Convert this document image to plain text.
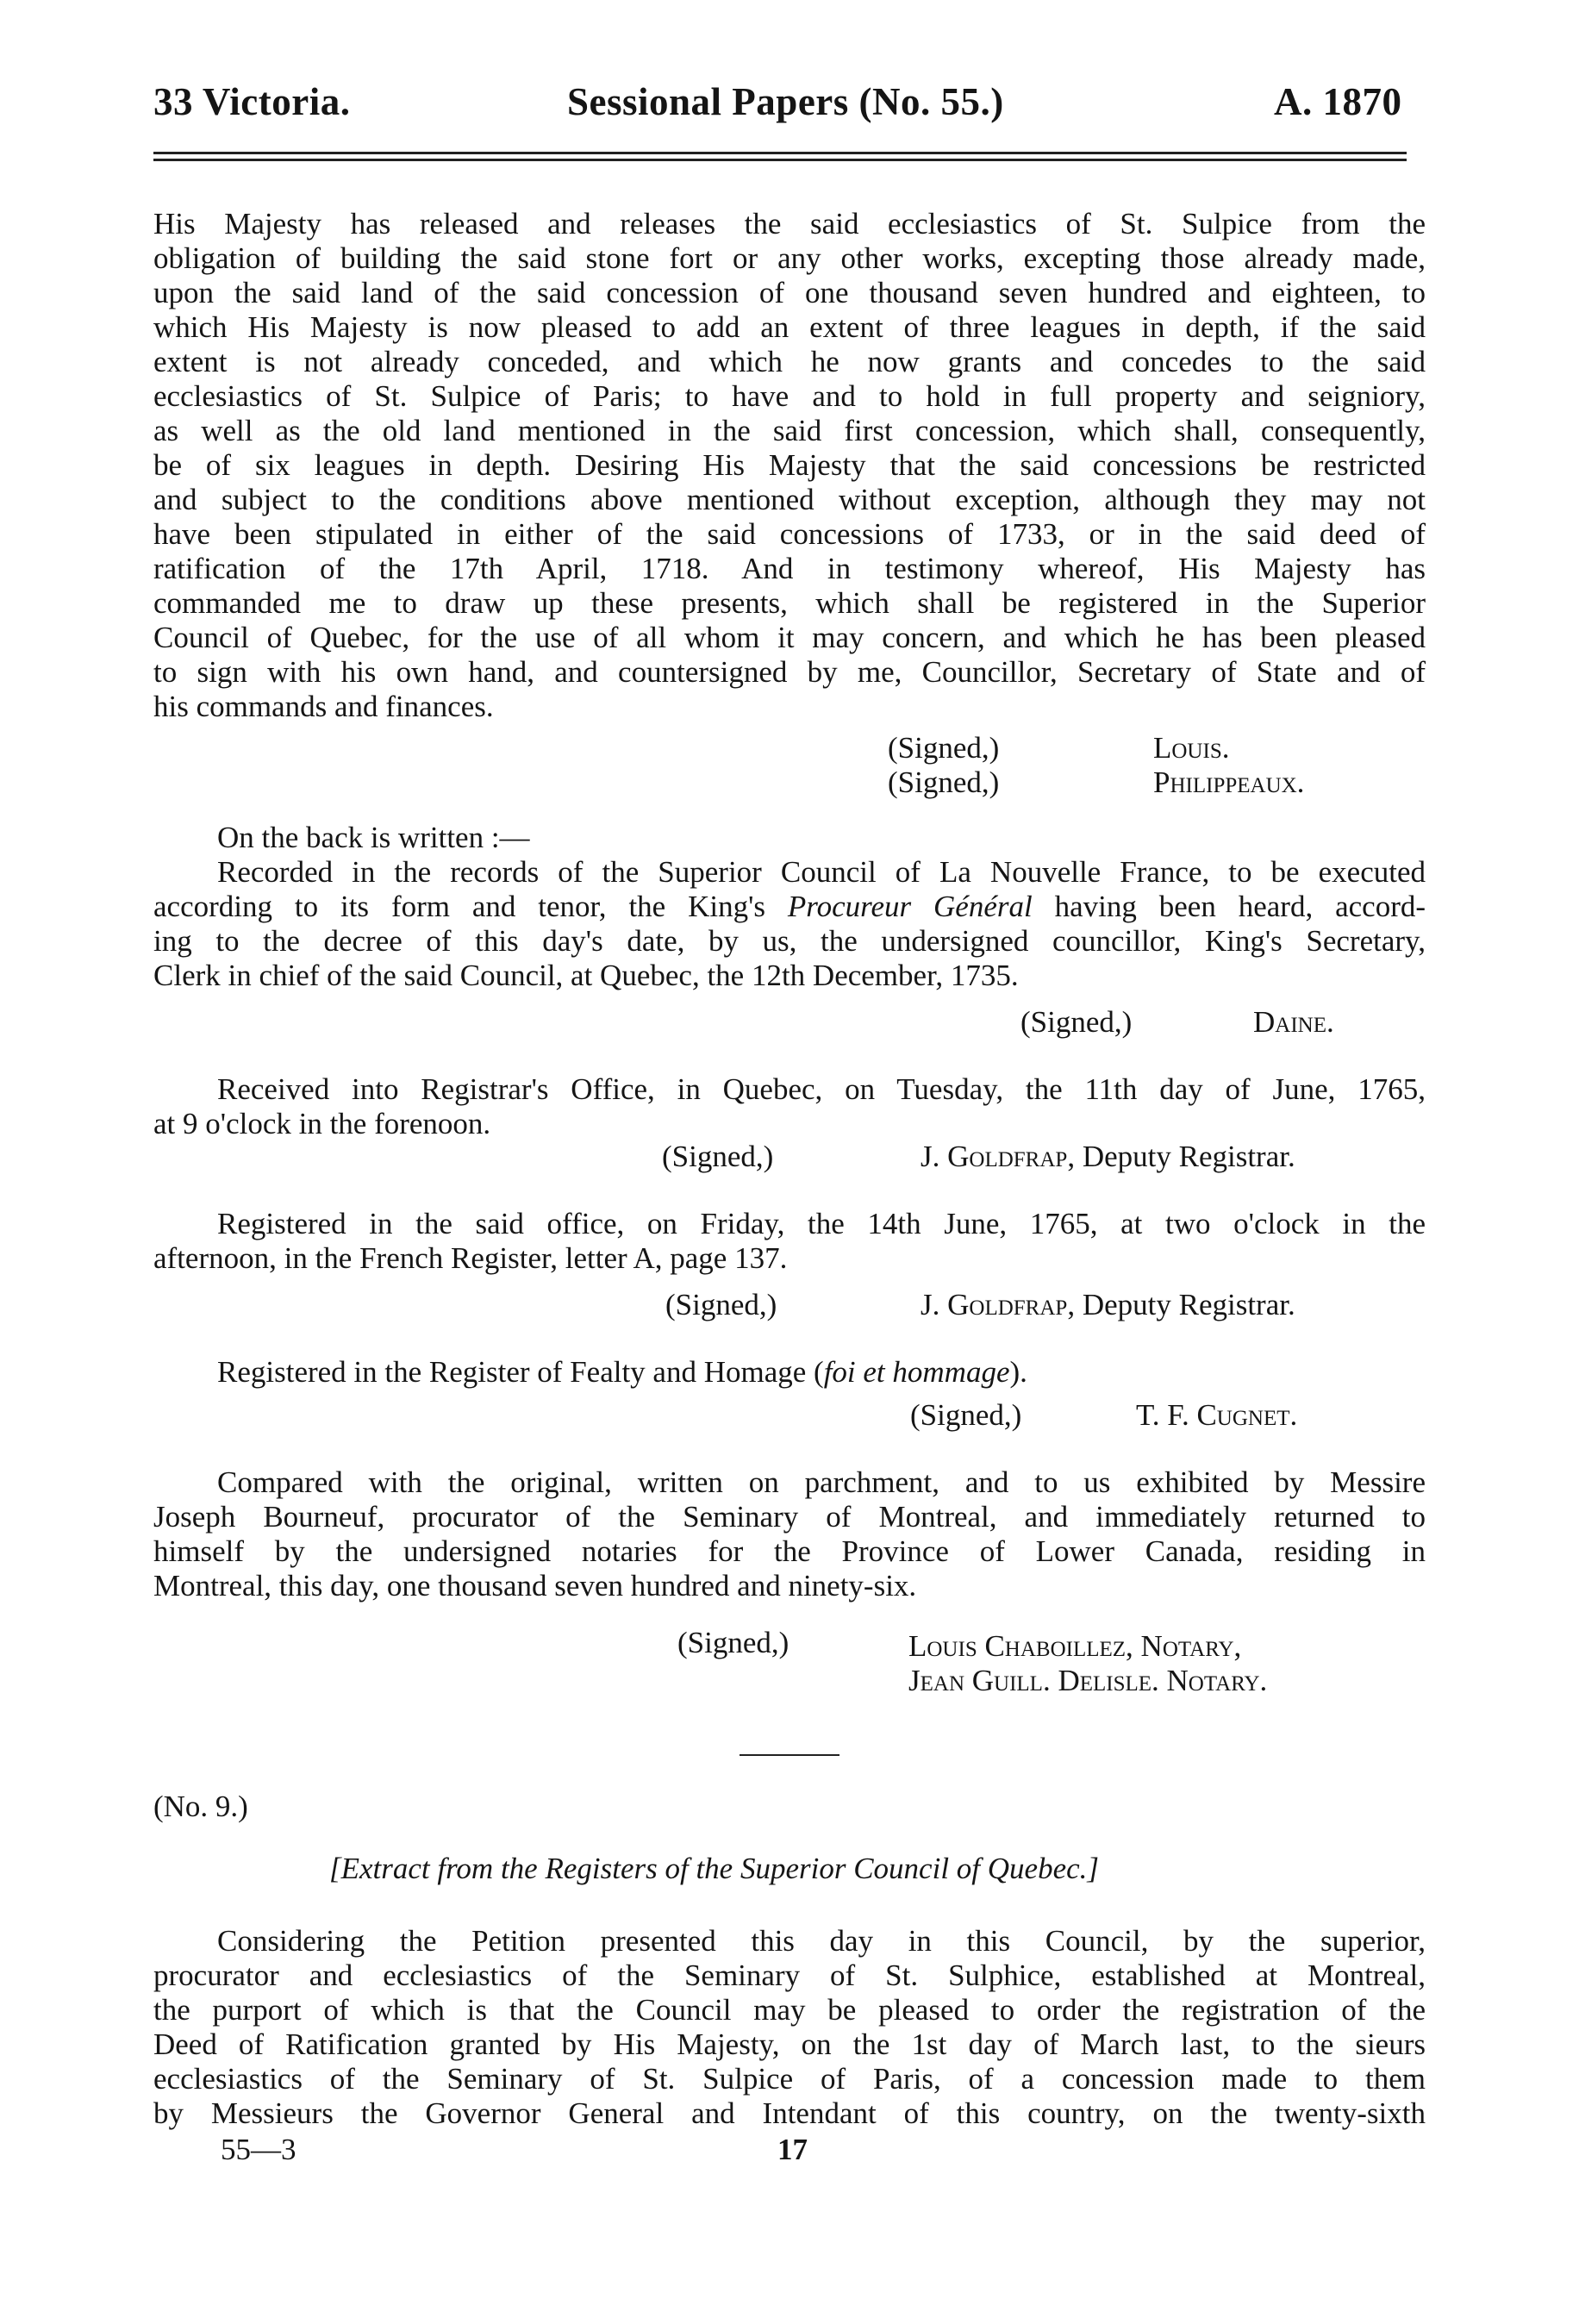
33 Victoria.	Sessional Papers (No. 55.)	A. 1870

His Majesty has released and releases the said ecclesiastics of St. Sulpice from the

obligation of building the said stone fort or any other works, excepting those already made,

upon the said land of the said concession of one thousand seven hundred and eighteen, to

which His Majesty is now pleased to add an extent of three leagues in depth, if the said

extent is not already conceded, and which he now grants and concedes to the said

ecclesiastics of St. Sulpice of Paris; to have and to hold in full property and seigniory,

as well as the old land mentioned in the said first concession, which shall, consequently,

be of six leagues in depth. Desiring His Majesty that the said concessions be restricted

and subject to the conditions above mentioned without exception, although they may not

have been stipulated in either of the said concessions of 1733, or in the said deed of

ratification of the 17th April, 1718. And in testimony whereof, His Majesty has

commanded me to draw up these presents, which shall be registered in the Superior

Council of Quebec, for the use of all whom it may concern, and which he has been pleased

to sign with his own hand, and countersigned by me, Councillor, Secretary of State and of

his commands and finances.

(Signed,)	Louis.
(Signed,)	Philippeaux.
On the back is written :—

Recorded in the records of the Superior Council of La Nouvelle France, to be executed

according to its form and tenor, the King's Procureur Général having been heard, accord-

ing to the decree of this day's date, by us, the undersigned councillor, King's Secretary,

Clerk in chief of the said Council, at Quebec, the 12th December, 1735.

(Signed,)	Daine.

Received into Registrar's Office, in Quebec, on Tuesday, the 11th day of June, 1765,

at 9 o'clock in the forenoon.

(Signed,)	J. Goldfrap, Deputy Registrar.

Registered in the said office, on Friday, the 14th June, 1765, at two o'clock in the

afternoon, in the French Register, letter A, page 137.

(Signed,)	J. Goldfrap, Deputy Registrar.
Registered in the Register of Fealty and Homage (foi et hommage).
(Signed,)	T. F. Cugnet.

Compared with the original, written on parchment, and to us exhibited by Messire

Joseph Bourneuf, procurator of the Seminary of Montreal, and immediately returned to

himself by the undersigned notaries for the Province of Lower Canada, residing in

Montreal, this day, one thousand seven hundred and ninety-six.

(Signed,)	Louis Chaboillez, Notary,
Jean Guill. Delisle. Notary.
(No. 9.)
[Extract from the Registers of the Superior Council of Quebec.]

Considering the Petition presented this day in this Council, by the superior,

procurator and ecclesiastics of the Seminary of St. Sulphice, established at Montreal,

the purport of which is that the Council may be pleased to order the registration of the

Deed of Ratification granted by His Majesty, on the 1st day of March last, to the sieurs

ecclesiastics of the Seminary of St. Sulpice of Paris, of a concession made to them

by Messieurs the Governor General and Intendant of this country, on the twenty-sixth

55—3	17
